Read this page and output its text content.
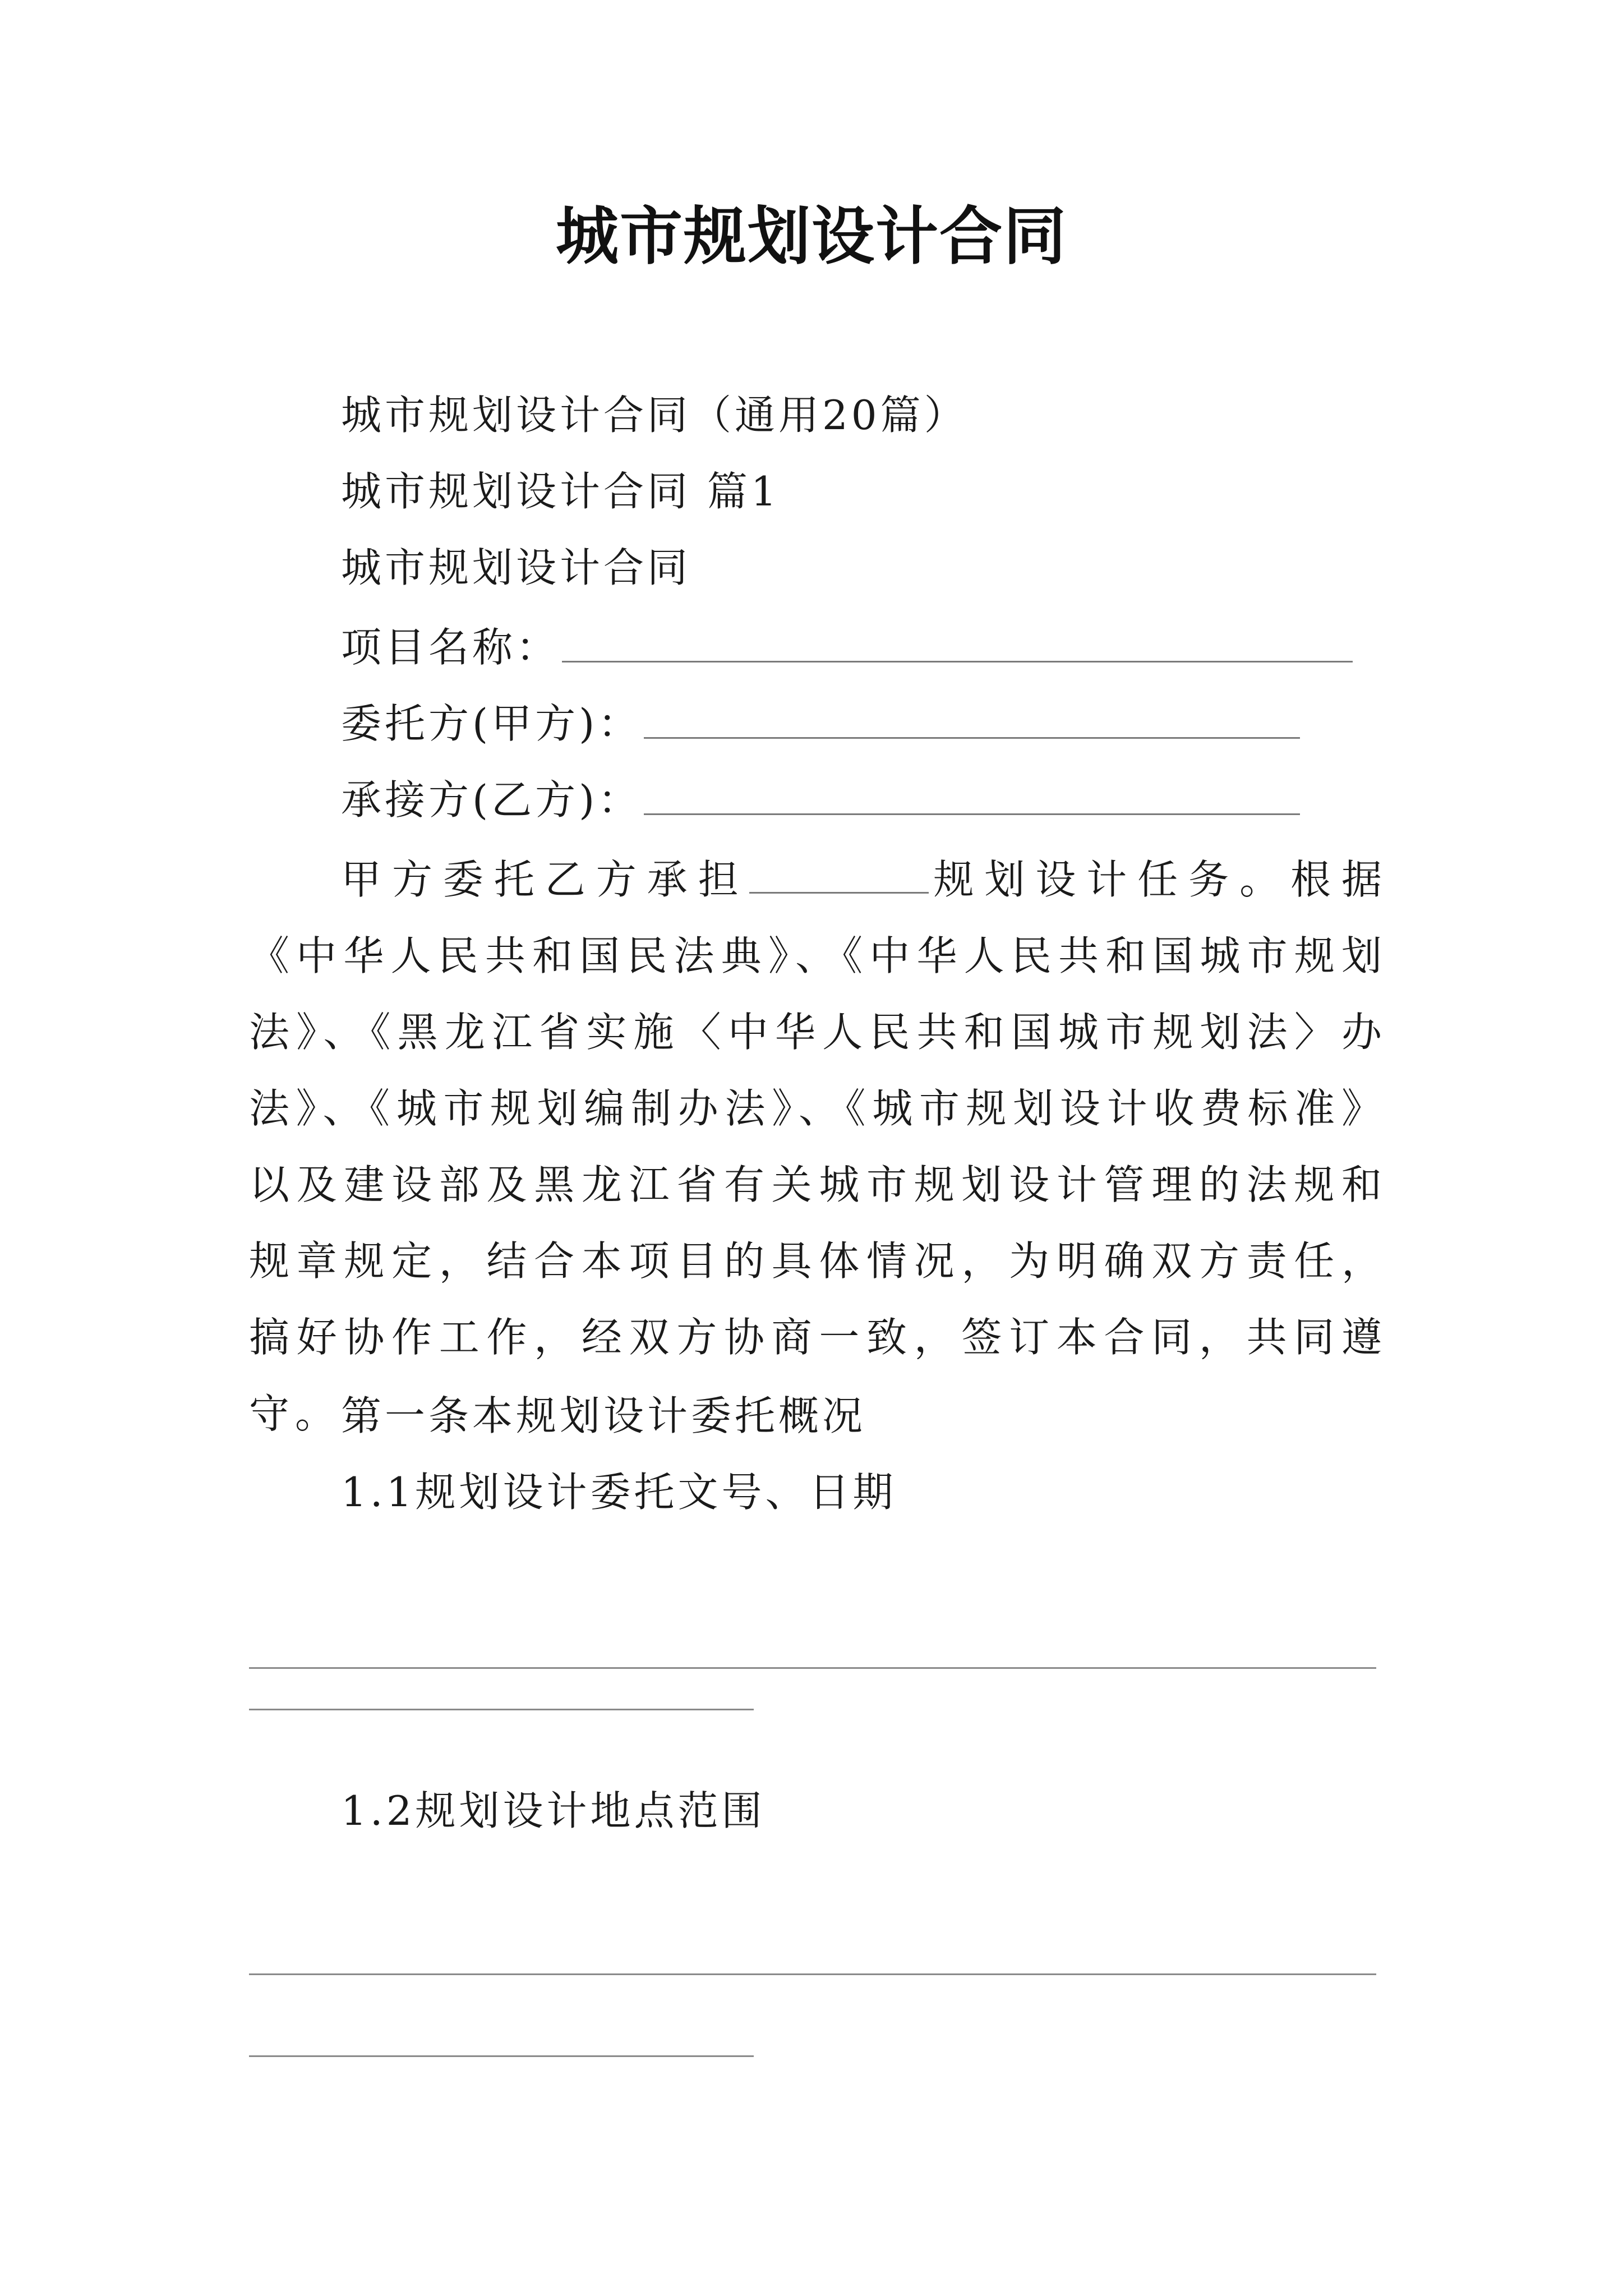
城市规划设计合同
城市规划设计合同（通用20篇）
城市规划设计合同 篇1
城市规划设计合同
项目名称：
委托方(甲方)：
承接方(乙方)：
甲方委托乙方承担	规划设计任务。根据《中华人民共和国民法典》、《中华人民共和国城市规划法》、《黑龙江省实施〈中华人民共和国城市规划法〉办法》、《城市规划编制办法》、《城市规划设计收费标准》以及建设部及黑龙江省有关城市规划设计管理的法规和规章规定，结合本项目的具体情况，为明确双方责任，搞好协作工作，经双方协商一致，签订本合同，共同遵守。 第一条本规划设计委托概况
1.1规划设计委托文号、日期
1.2规划设计地点范围
